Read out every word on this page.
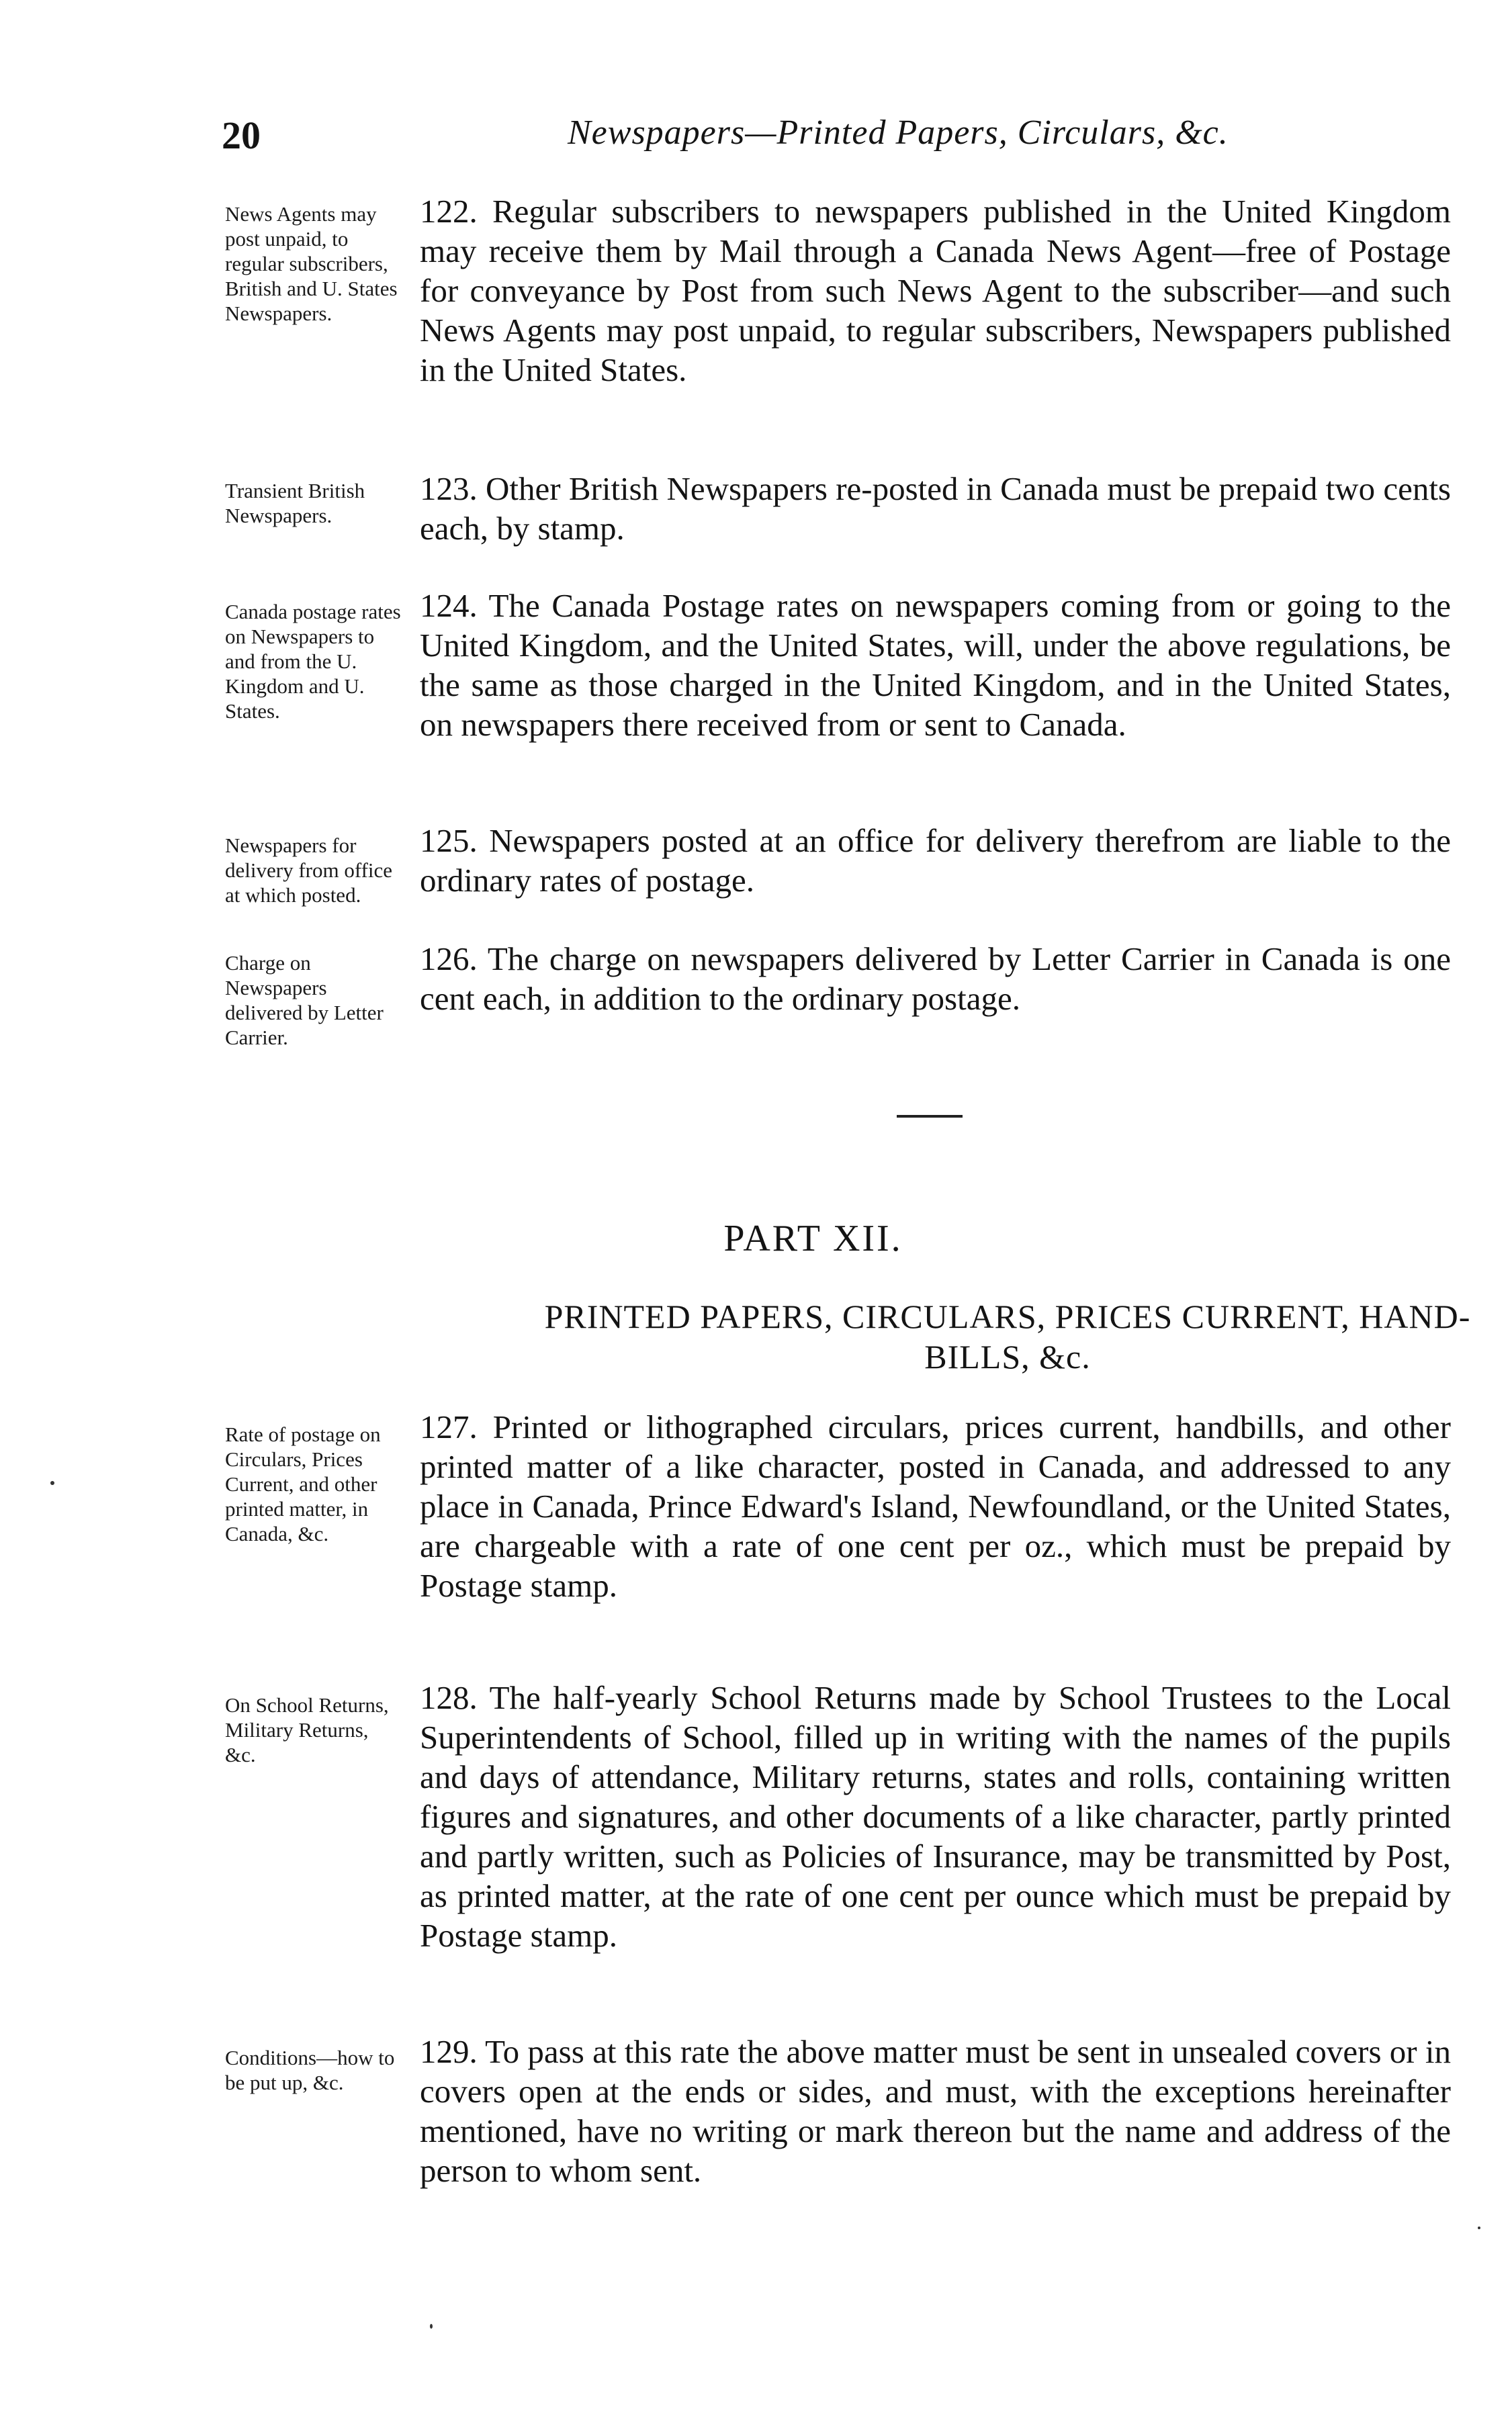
20	Newspapers—Printed Papers, Circulars, &c.
News Agents may post unpaid, to regular subscribers, British and U. States Newspapers.
122. Regular subscribers to newspapers published in the United Kingdom may receive them by Mail through a Canada News Agent—free of Postage for conveyance by Post from such News Agent to the subscriber—and such News Agents may post unpaid, to regular subscribers, Newspapers published in the United States.
Transient British Newspapers.
123. Other British Newspapers re-posted in Canada must be prepaid two cents each, by stamp.
Canada postage rates on Newspapers to and from the U. Kingdom and U. States.
124. The Canada Postage rates on newspapers coming from or going to the United Kingdom, and the United States, will, under the above regulations, be the same as those charged in the United Kingdom, and in the United States, on newspapers there received from or sent to Canada.
Newspapers for delivery from office at which posted.
125. Newspapers posted at an office for delivery therefrom are liable to the ordinary rates of postage.
Charge on Newspapers delivered by Letter Carrier.
126. The charge on newspapers delivered by Letter Carrier in Canada is one cent each, in addition to the ordinary postage.
PART XII.
PRINTED PAPERS, CIRCULARS, PRICES CURRENT, HAND-BILLS, &c.
Rate of postage on Circulars, Prices Current, and other printed matter, in Canada, &c.
127. Printed or lithographed circulars, prices current, handbills, and other printed matter of a like character, posted in Canada, and addressed to any place in Canada, Prince Edward's Island, Newfoundland, or the United States, are chargeable with a rate of one cent per oz., which must be prepaid by Postage stamp.
On School Returns, Military Returns, &c.
128. The half-yearly School Returns made by School Trustees to the Local Superintendents of School, filled up in writing with the names of the pupils and days of attendance, Military returns, states and rolls, containing written figures and signatures, and other documents of a like character, partly printed and partly written, such as Policies of Insurance, may be transmitted by Post, as printed matter, at the rate of one cent per ounce which must be prepaid by Postage stamp.
Conditions—how to be put up, &c.
129. To pass at this rate the above matter must be sent in unsealed covers or in covers open at the ends or sides, and must, with the exceptions hereinafter mentioned, have no writing or mark thereon but the name and address of the person to whom sent.
